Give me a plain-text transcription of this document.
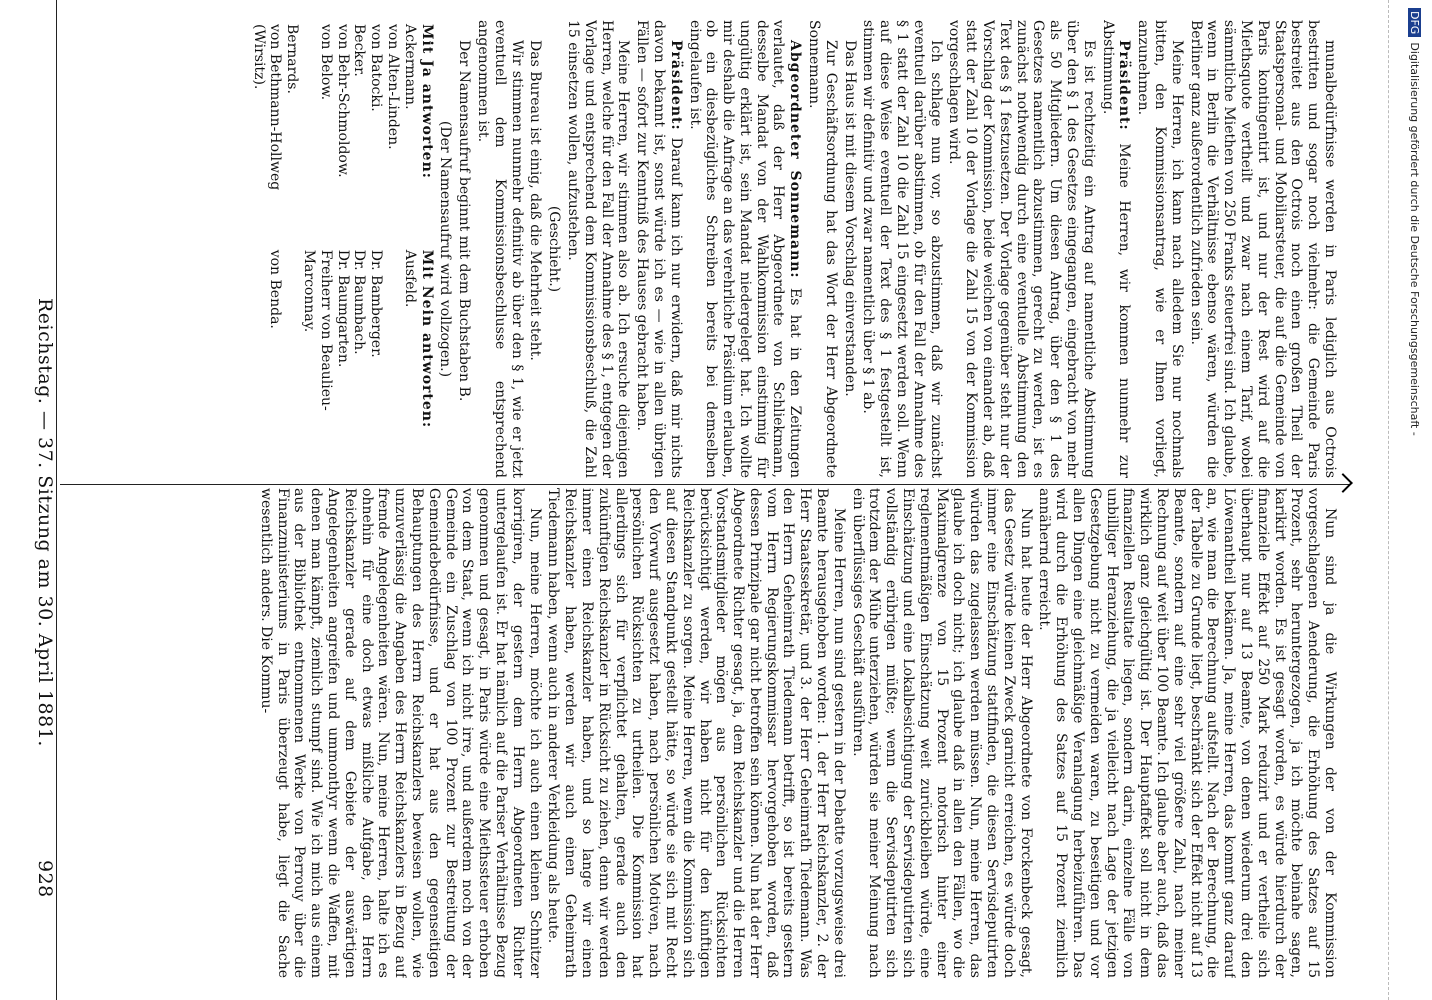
928
Reichstag. — 37. Sitzung am 30. April 1881.	Nun sind ja die Wirkungen der von der Kommission vorgeschlagenen Aenderung, die Erhöhung des Satzes auf 15 Prozent, sehr heruntergezogen, ja ich möchte beinahe sagen, karikirt worden. Es ist gesagt worden, es würde hierdurch der finanzielle Effekt auf 250 Mark reduzirt und er vertheile sich überhaupt nur auf 13 Beamte, von denen wiederum drei den Löwenantheil bekämen. Ja, meine Herren, das kommt ganz darauf an, wie man die Berechnung aufstellt. Nach der Berechnung, die der Tabelle zu Grunde liegt, beschränkt sich der Effekt nicht auf 13 Beamte, sondern auf eine sehr viel größere Zahl, nach meiner Rechnung auf weit über 100 Beamte. Ich glaube aber auch, daß das wirklich ganz gleichgültig ist. Der Hauptaffekt soll nicht in dem finanziellen Resultate liegen, sondern darin, einzelne Fälle von unbilliger Heranziehung, die ja vielleicht nach Lage der jetzigen Gesetzgebung nicht zu vermeiden waren, zu beseitigen und vor allen Dingen eine gleichmäßige Veranlagung herbeizuführen. Das wird durch die Erhöhung des Satzes auf 15 Prozent ziemlich annähernd erreicht.

Nun hat heute der Herr Abgeordnete von Forckenbeck gesagt, das Gesetz würde keinen Zweck garnicht erreichen, es würde doch immer eine Einschätzung stattfinden, die diesen Servisdeputirten würden das zugelassen werden müssen. Nun, meine Herren, das glaube ich doch nicht; ich glaube daß in allen den Fällen, wo die Maximalgrenze von 15 Prozent notorisch hinter einer reglementmäßigen Einschätzung weit zurückbleiben würde, eine Einschätzung und eine Lokalbesichtigung der Servisdeputirten sich vollständig erübrigen müßte; wenn die Servisdeputirten sich trotzdem der Mühe unterziehen, würden sie meiner Meinung nach ein überflüssiges Geschäft ausführen.

Meine Herren, nun sind gestern in der Debatte vorzugsweise drei Beamte herausgehoben worden: 1. der Herr Reichskanzler, 2. der Herr Staatssekretär, und 3. der Herr Geheimrath Tiedemann. Was den Herrn Geheimrath Tiedemann betrifft, so ist bereits gestern vom Herrn Regierungskommissar hervorgehoben worden, daß dessen Prinzipale gar nicht betroffen sein können. Nun hat der Herr Abgeordnete Richter gesagt, ja, dem Reichskanzler und die Herren Vorstandsmitglieder mögen aus persönlichen Rücksichten berücksichtigt werden, wir haben nicht für den künftigen Reichskanzler zu sorgen. Meine Herren, wenn die Kommission sich auf diesen Standpunkt gestellt hätte, so würde sie sich mit Recht den Vorwurf ausgesetzt haben, nach persönlichen Motiven, nach persönlichen Rücksichten zu urtheilen. Die Kommission hat allerdings sich für verpflichtet gehalten, gerade auch den zukünftigen Reichskanzler in Rücksicht zu ziehen, denn wir werden immer einen Reichskanzler haben, und so lange wir einen Reichskanzler haben, werden wir auch einen Geheimrath Tiedemann haben, wenn auch in anderer Verkleidung als heute.

Nun, meine Herren, möchte ich auch einen kleinen Schnitzer korrigiren, der gestern dem Herrn Abgeordneten Richter untergelaufen ist. Er hat nämlich auf die Pariser Verhältnisse Bezug genommen und gesagt, in Paris würde eine Miethssteuer erhoben von dem Staat, wenn ich nicht irre, und außerdem noch von der Gemeinde ein Zuschlag von 100 Prozent zur Bestreitung der Gemeindebedürfnisse, und er hat aus den gegenseitigen Behauptungen des Herrn Reichskanzlers beweisen wollen, wie unzuverlässig die Angaben des Herrn Reichskanzlers in Bezug auf fremde Angelegenheiten wären. Nun, meine Herren, halte ich es ohnehin für eine doch etwas mißliche Aufgabe, den Herrn Reichskanzler gerade auf dem Gebiete der auswärtigen Angelegenheiten angreifen und ummonthyr wenn die Waffen, mit denen man kämpft, ziemlich stumpf sind. Wie ich mich aus einem aus der Bibliothek entnommenen Werke von Perrouy über die Finanzministeriums in Paris überzeugt habe, liegt die Sache wesentlich anders. Die Kommu-

munalbedürfnisse werden in Paris lediglich aus Octrois bestritten und sogar noch vielmehr: die Gemeinde Paris bestreitet aus den Octrois noch einen großen Theil der Staatspersonal- und Mobiliarsteuer, die auf die Gemeinde von Paris kontingentirt ist, und nur der Rest wird auf die Miethsquote vertheilt und zwar nach einem Tarif, wobei sämmtliche Miethen von 250 Franks steuerfrei sind. Ich glaube, wenn in Berlin die Verhältnisse ebenso wären, würden die Berliner ganz außerordentlich zufrieden sein.

Meine Herren, ich kann nach alledem Sie nur nochmals bitten, den Kommissionsantrag, wie er Ihnen vorliegt, anzunehmen.

Präsident: Meine Herren, wir kommen nunmehr zur Abstimmung.

Es ist rechtzeitig ein Antrag auf namentliche Abstimmung über den § 1 des Gesetzes eingegangen, eingebracht von mehr als 50 Mitgliedern. Um diesen Antrag, über den § 1 des Gesetzes namentlich abzustimmen, gerecht zu werden, ist es zunächst nothwendig durch eine eventuelle Abstimmung den Text des § 1 festzusetzen. Der Vorlage gegenüber steht nur der Vorschlag der Kommission, beide weichen von einander ab, daß statt der Zahl 10 der Vorlage die Zahl 15 von der Kommission vorgeschlagen wird.

Ich schlage nun vor, so abzustimmen, daß wir zunächst eventuell darüber abstimmen, ob für den Fall der Annahme des § 1 statt der Zahl 10 die Zahl 15 eingesetzt werden soll. Wenn auf diese Weise eventuell der Text des § 1 festgestellt ist, stimmen wir definitiv und zwar namentlich über § 1 ab.

Das Haus ist mit diesem Vorschlag einverstanden.

Zur Geschäftsordnung hat das Wort der Herr Abgeordnete Sonnemann.

Abgeordneter Sonnemann: Es hat in den Zeitungen verlautet, daß der Herr Abgeordnete von Schliekmann, desselbe Mandat von der Wahlkommission einstimmig für ungültig erklärt ist, sein Mandat niedergelegt hat. Ich wollte mir deshalb die Anfrage an das verehrliche Präsidium erlauben, ob ein diesbezügliches Schreiben bereits bei demselben eingelaufen ist.

Präsident: Darauf kann ich nur erwidern, daß mir nichts davon bekannt ist, sonst würde ich es — wie in allen übrigen Fällen — sofort zur Kenntniß des Hauses gebracht haben.

Meine Herren, wir stimmen also ab. Ich ersuche diejenigen Herren, welche für den Fall der Annahme des § 1, entgegen der Vorlage und entsprechend dem Kommissionsbeschluß, die Zahl 15 einsetzen wollen, aufzustehen.

(Geschieht.)

Das Bureau ist einig, daß die Mehrheit steht.

Wir stimmen nunmehr definitiv ab über den § 1, wie er jetzt eventuell dem Kommissionsbeschlusse entsprechend angenommen ist.

Der Namensaufruf beginnt mit dem Buchstaben B.

(Der Namensaufruf wird vollzogen.)

Mit Ja antworten:	Mit Nein antworten:
Ackermann.	Ausfeld.
von Alten-Linden.	
von Batocki.	Dr. Bamberger.
Becker.	Dr. Baumbach.
von Behr-Schmoldow.	Dr. Baumgarten.
von Below.	Freiherr von Beaulieu-Marconnay.
Bernards.	
von Bethmann-Hollweg (Wirsitz).	von Benda.
DFG Digitalisierung gefördert durch die Deutsche Forschungsgemeinschaft -
